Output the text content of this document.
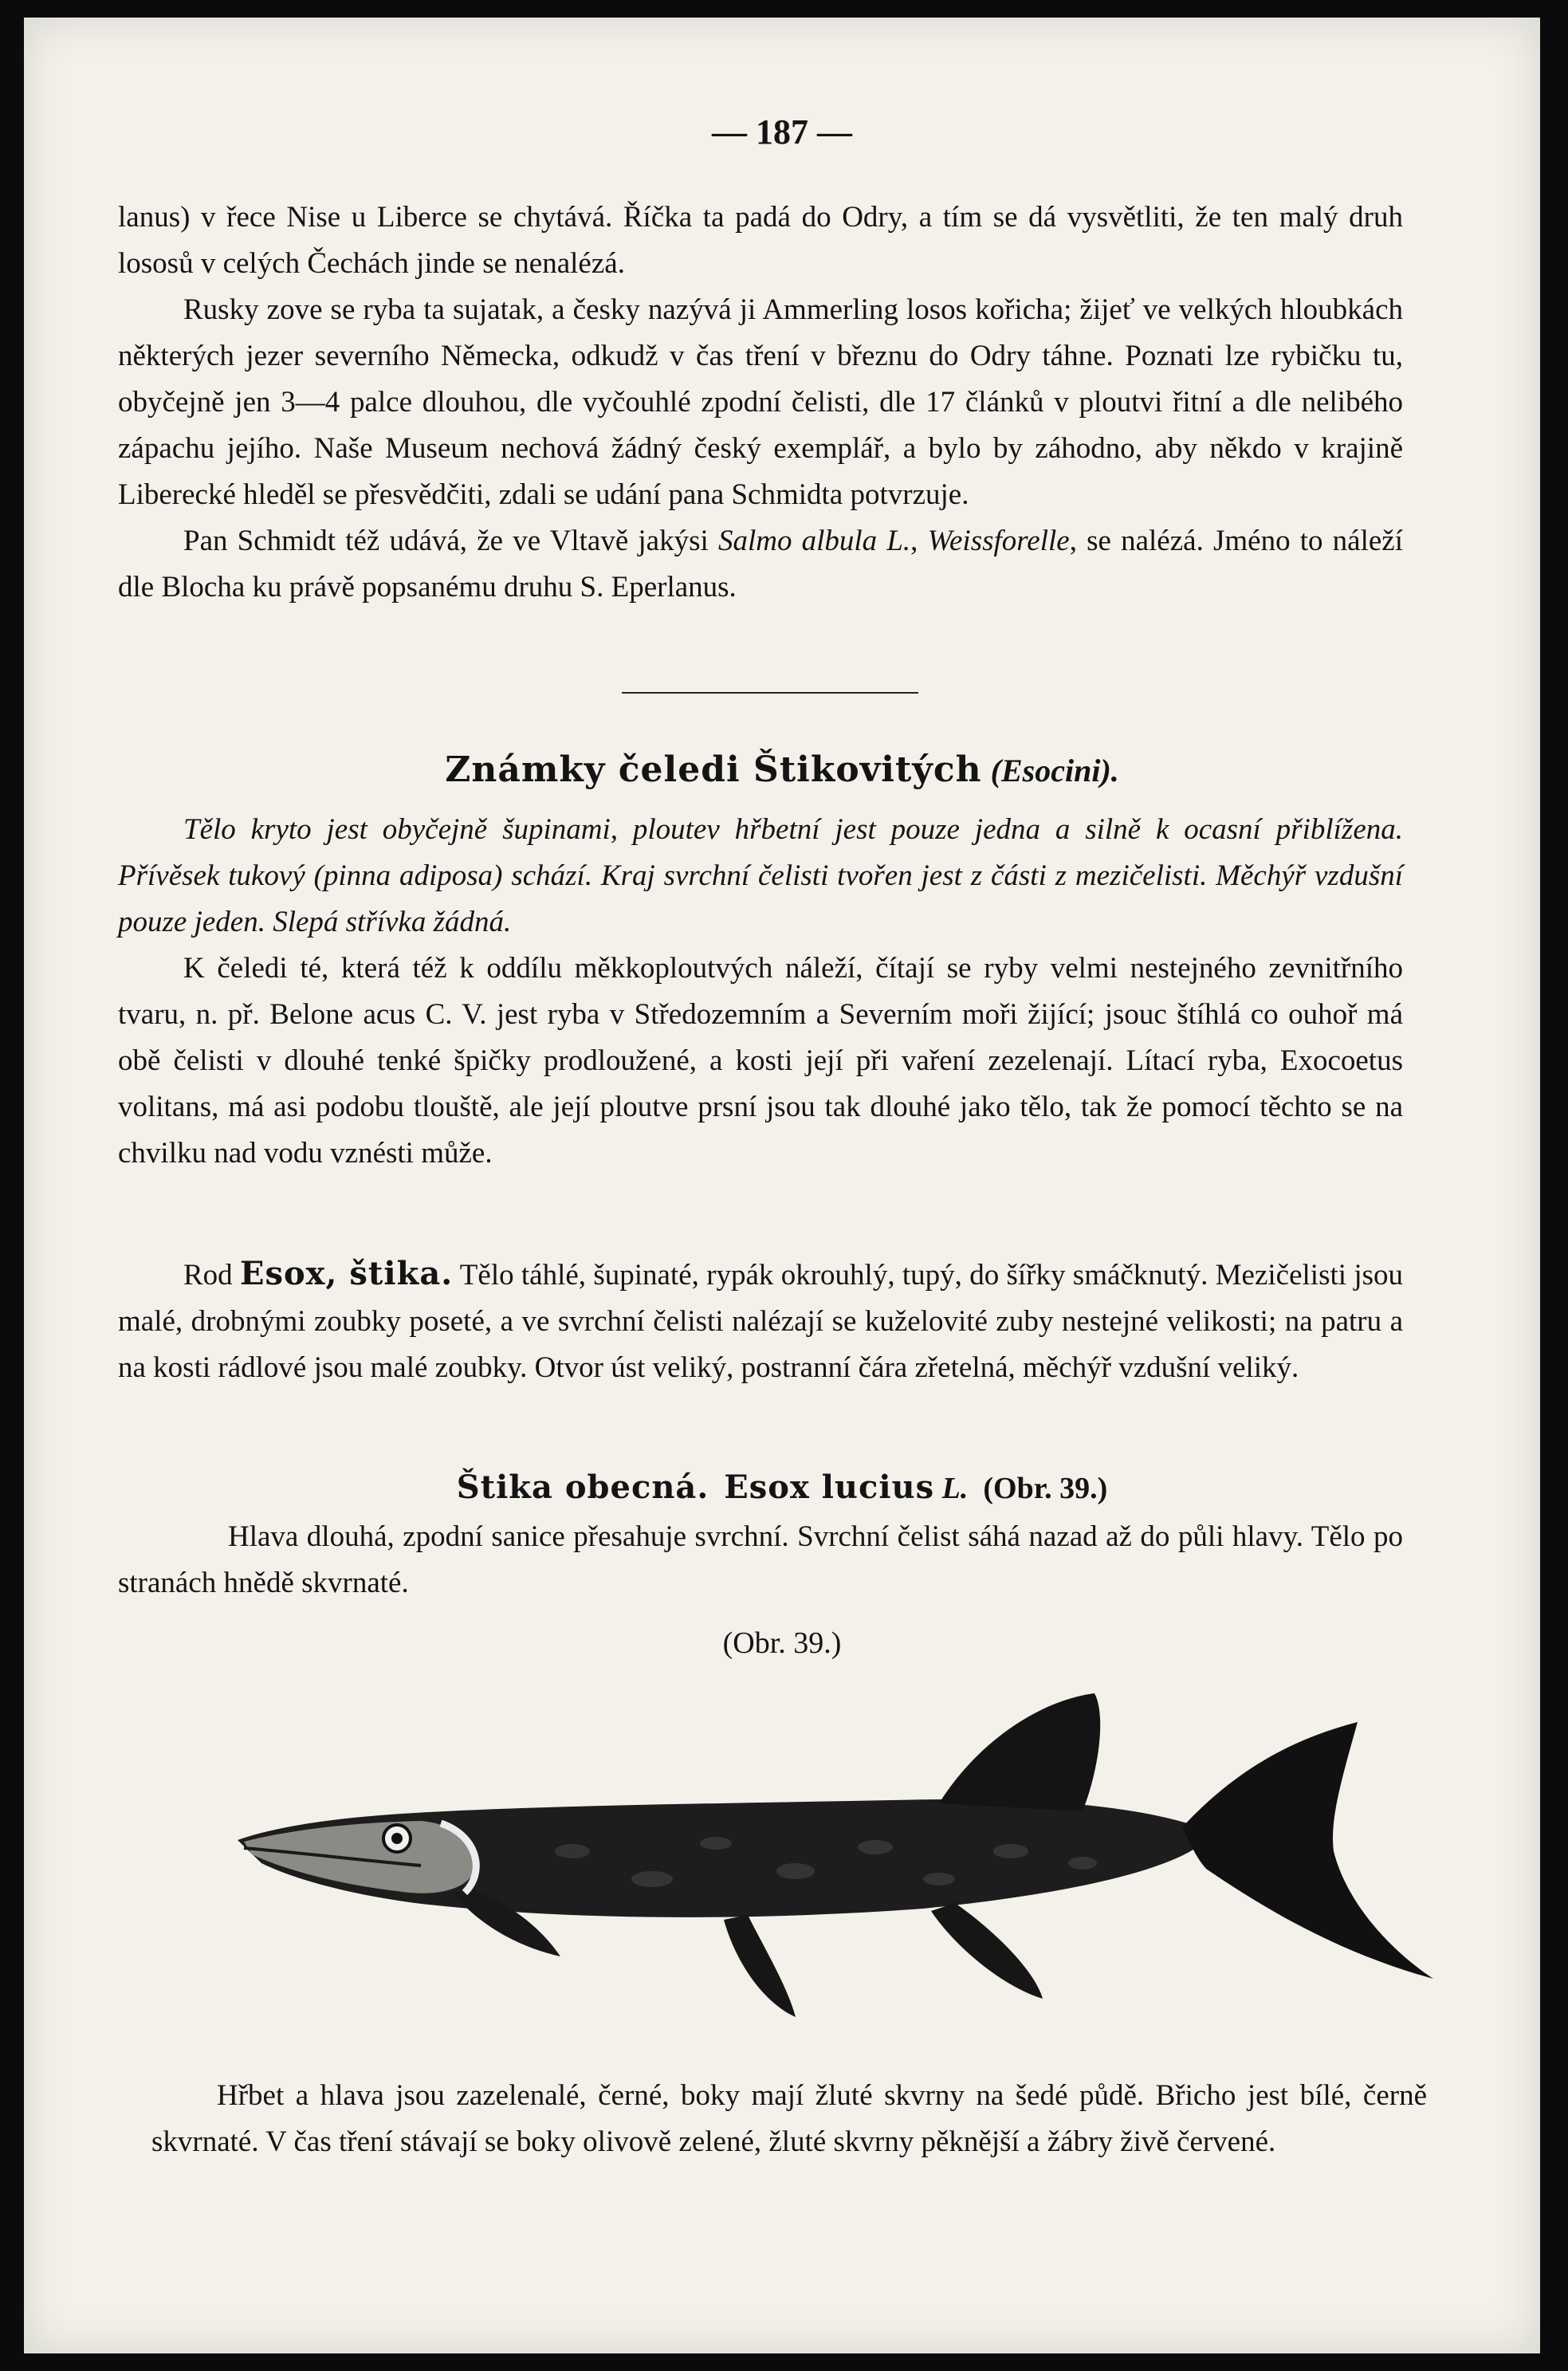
— 187 —

lanus) v řece Nise u Liberce se chytává. Říčka ta padá do Odry, a tím se dá vysvětliti, že ten malý druh lososů v celých Čechách jinde se nenalézá.

Rusky zove se ryba ta sujatak, a česky nazývá ji Ammerling losos kořicha; žijeť ve velkých hloubkách některých jezer severního Německa, odkudž v čas tření v březnu do Odry táhne. Poznati lze rybičku tu, obyčejně jen 3—4 palce dlouhou, dle vyčouhlé zpodní čelisti, dle 17 článků v ploutvi řitní a dle nelibého zápachu jejího. Naše Museum nechová žádný český exemplář, a bylo by záhodno, aby někdo v krajině Liberecké hleděl se přesvědčiti, zdali se udání pana Schmidta potvrzuje.

Pan Schmidt též udává, že ve Vltavě jakýsi Salmo albula L., Weissforelle, se nalézá. Jméno to náleží dle Blocha ku právě popsanému druhu S. Eperlanus.

Známky čeledi Štikovitých (Esocini).

Tělo kryto jest obyčejně šupinami, ploutev hřbetní jest pouze jedna a silně k ocasní přiblížena. Přívěsek tukový (pinna adiposa) schází. Kraj svrchní čelisti tvořen jest z části z mezičelisti. Měchýř vzdušní pouze jeden. Slepá střívka žádná.

K čeledi té, která též k oddílu měkkoploutvých náleží, čítají se ryby velmi nestejného zevnitřního tvaru, n. př. Belone acus C. V. jest ryba v Středozemním a Severním moři žijící; jsouc štíhlá co ouhoř má obě čelisti v dlouhé tenké špičky prodloužené, a kosti její při vaření zezelenají. Lítací ryba, Exocoetus volitans, má asi podobu tlouště, ale její ploutve prsní jsou tak dlouhé jako tělo, tak že pomocí těchto se na chvilku nad vodu vznésti může.

Rod Esox, štika. Tělo táhlé, šupinaté, rypák okrouhlý, tupý, do šířky smáčknutý. Mezičelisti jsou malé, drobnými zoubky poseté, a ve svrchní čelisti nalézají se kuželovité zuby nestejné velikosti; na patru a na kosti rádlové jsou malé zoubky. Otvor úst veliký, postranní čára zřetelná, měchýř vzdušní veliký.

Štika obecná. Esox lucius L. (Obr. 39.)

Hlava dlouhá, zpodní sanice přesahuje svrchní. Svrchní čelist sáhá nazad až do půli hlavy. Tělo po stranách hnědě skvrnaté.

(Obr. 39.)

Hřbet a hlava jsou zazelenalé, černé, boky mají žluté skvrny na šedé půdě. Břicho jest bílé, černě skvrnaté. V čas tření stávají se boky olivově zelené, žluté skvrny pěknější a žábry živě červené.
